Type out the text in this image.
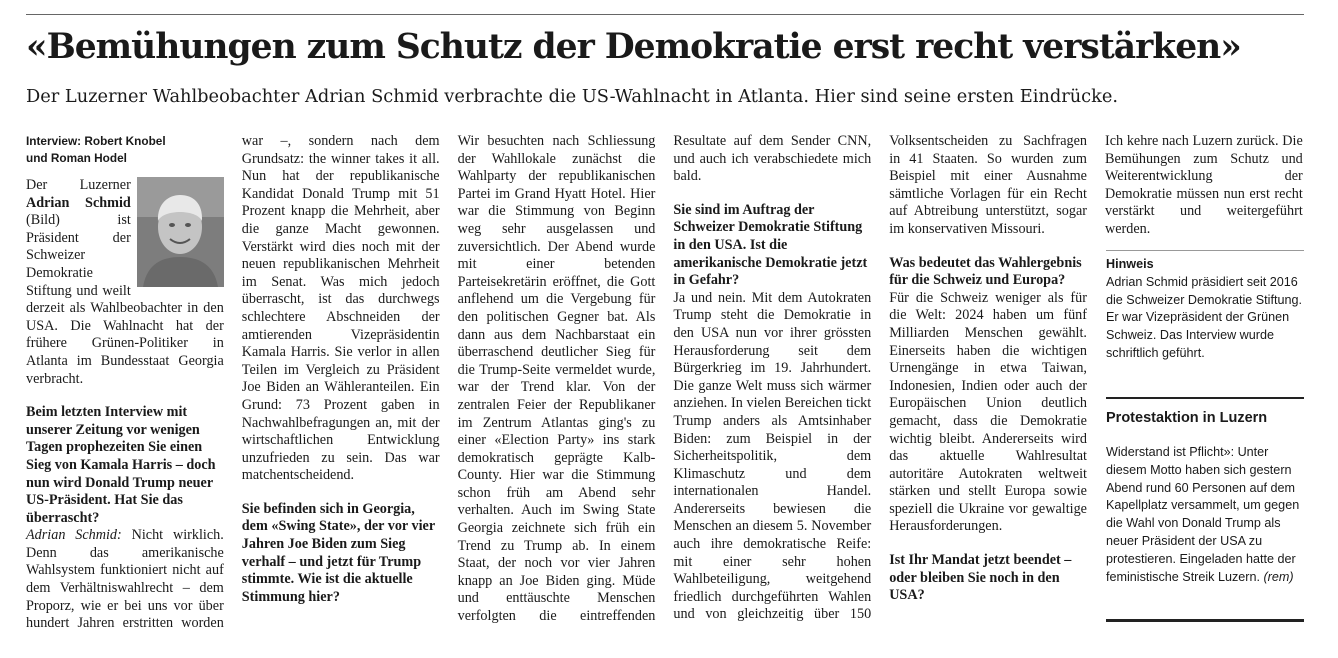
«Bemühungen zum Schutz der Demokratie erst recht verstärken»

Der Luzerner Wahlbeobachter Adrian Schmid verbrachte die US-Wahlnacht in Atlanta. Hier sind seine ersten Eindrücke.

Interview: Robert Knobel
und Roman Hodel

Der Luzerner Adrian Schmid (Bild) ist Präsident der Schweizer Demokratie Stiftung und weilt derzeit als Wahlbeobachter in den USA. Die Wahlnacht hat der frühere Grünen-Politiker in Atlanta im Bundesstaat Georgia verbracht.

Beim letzten Interview mit unserer Zeitung vor wenigen Tagen prophezeiten Sie einen Sieg von Kamala Harris – doch nun wird Donald Trump neuer US-Präsident. Hat Sie das überrascht?

Adrian Schmid: Nicht wirklich. Denn das amerikanische Wahlsystem funktioniert nicht auf dem Verhältniswahlrecht – dem Proporz, wie er bei uns vor über hundert Jahren erstritten worden war –, sondern nach dem Grundsatz: the winner takes it all. Nun hat der republikanische Kandidat Donald Trump mit 51 Prozent knapp die Mehrheit, aber die ganze Macht gewonnen. Verstärkt wird dies noch mit der neuen republikanischen Mehrheit im Senat. Was mich jedoch überrascht, ist das durchwegs schlechtere Abschneiden der amtierenden Vizepräsidentin Kamala Harris. Sie verlor in allen Teilen im Vergleich zu Präsident Joe Biden an Wähleranteilen. Ein Grund: 73 Prozent gaben in Nachwahlbefragungen an, mit der wirtschaftlichen Entwicklung unzufrieden zu sein. Das war matchentscheidend.

Sie befinden sich in Georgia, dem «Swing State», der vor vier Jahren Joe Biden zum Sieg verhalf – und jetzt für Trump stimmte. Wie ist die aktuelle Stimmung hier?

Wir besuchten nach Schliessung der Wahllokale zunächst die Wahlparty der republikanischen Partei im Grand Hyatt Hotel. Hier war die Stimmung von Beginn weg sehr ausgelassen und zuversichtlich. Der Abend wurde mit einer betenden Parteisekretärin eröffnet, die Gott anflehend um die Vergebung für den politischen Gegner bat. Als dann aus dem Nachbarstaat ein überraschend deutlicher Sieg für die Trump-Seite vermeldet wurde, war der Trend klar. Von der zentralen Feier der Republikaner im Zentrum Atlantas ging's zu einer «Election Party» ins stark demokratisch geprägte Kalb-County. Hier war die Stimmung schon früh am Abend sehr verhalten. Auch im Swing State Georgia zeichnete sich früh ein Trend zu Trump ab. In einem Staat, der noch vor vier Jahren knapp an Joe Biden ging. Müde und enttäuschte Menschen verfolgten die eintreffenden Resultate auf dem Sender CNN, und auch ich verabschiedete mich bald.

Sie sind im Auftrag der Schweizer Demokratie Stiftung in den USA. Ist die amerikanische Demokratie jetzt in Gefahr?

Ja und nein. Mit dem Autokraten Trump steht die Demokratie in den USA nun vor ihrer grössten Herausforderung seit dem Bürgerkrieg im 19. Jahrhundert. Die ganze Welt muss sich wärmer anziehen. In vielen Bereichen tickt Trump anders als Amtsinhaber Biden: zum Beispiel in der Sicherheitspolitik, dem Klimaschutz und dem internationalen Handel. Andererseits bewiesen die Menschen an diesem 5. November auch ihre demokratische Reife: mit einer sehr hohen Wahlbeteiligung, weitgehend friedlich durchgeführten Wahlen und von gleichzeitig über 150 Volksentscheiden zu Sachfragen in 41 Staaten. So wurden zum Beispiel mit einer Ausnahme sämtliche Vorlagen für ein Recht auf Abtreibung unterstützt, sogar im konservativen Missouri.

Was bedeutet das Wahlergebnis für die Schweiz und Europa?

Für die Schweiz weniger als für die Welt: 2024 haben um fünf Milliarden Menschen gewählt. Einerseits haben die wichtigen Urnengänge in etwa Taiwan, Indonesien, Indien oder auch der Europäischen Union deutlich gemacht, dass die Demokratie wichtig bleibt. Andererseits wird das aktuelle Wahlresultat autoritäre Autokraten weltweit stärken und stellt Europa sowie speziell die Ukraine vor gewaltige Herausforderungen.

Ist Ihr Mandat jetzt beendet – oder bleiben Sie noch in den USA?

Ich kehre nach Luzern zurück. Die Bemühungen zum Schutz und Weiterentwicklung der Demokratie müssen nun erst recht verstärkt und weitergeführt werden.

Hinweis
Adrian Schmid präsidiert seit 2016 die Schweizer Demokratie Stiftung. Er war Vizepräsident der Grünen Schweiz. Das Interview wurde schriftlich geführt.
Protestaktion in Luzern
Widerstand ist Pflicht»: Unter diesem Motto haben sich gestern Abend rund 60 Personen auf dem Kapellplatz versammelt, um gegen die Wahl von Donald Trump als neuer Präsident der USA zu protestieren. Eingeladen hatte der feministische Streik Luzern. (rem)
